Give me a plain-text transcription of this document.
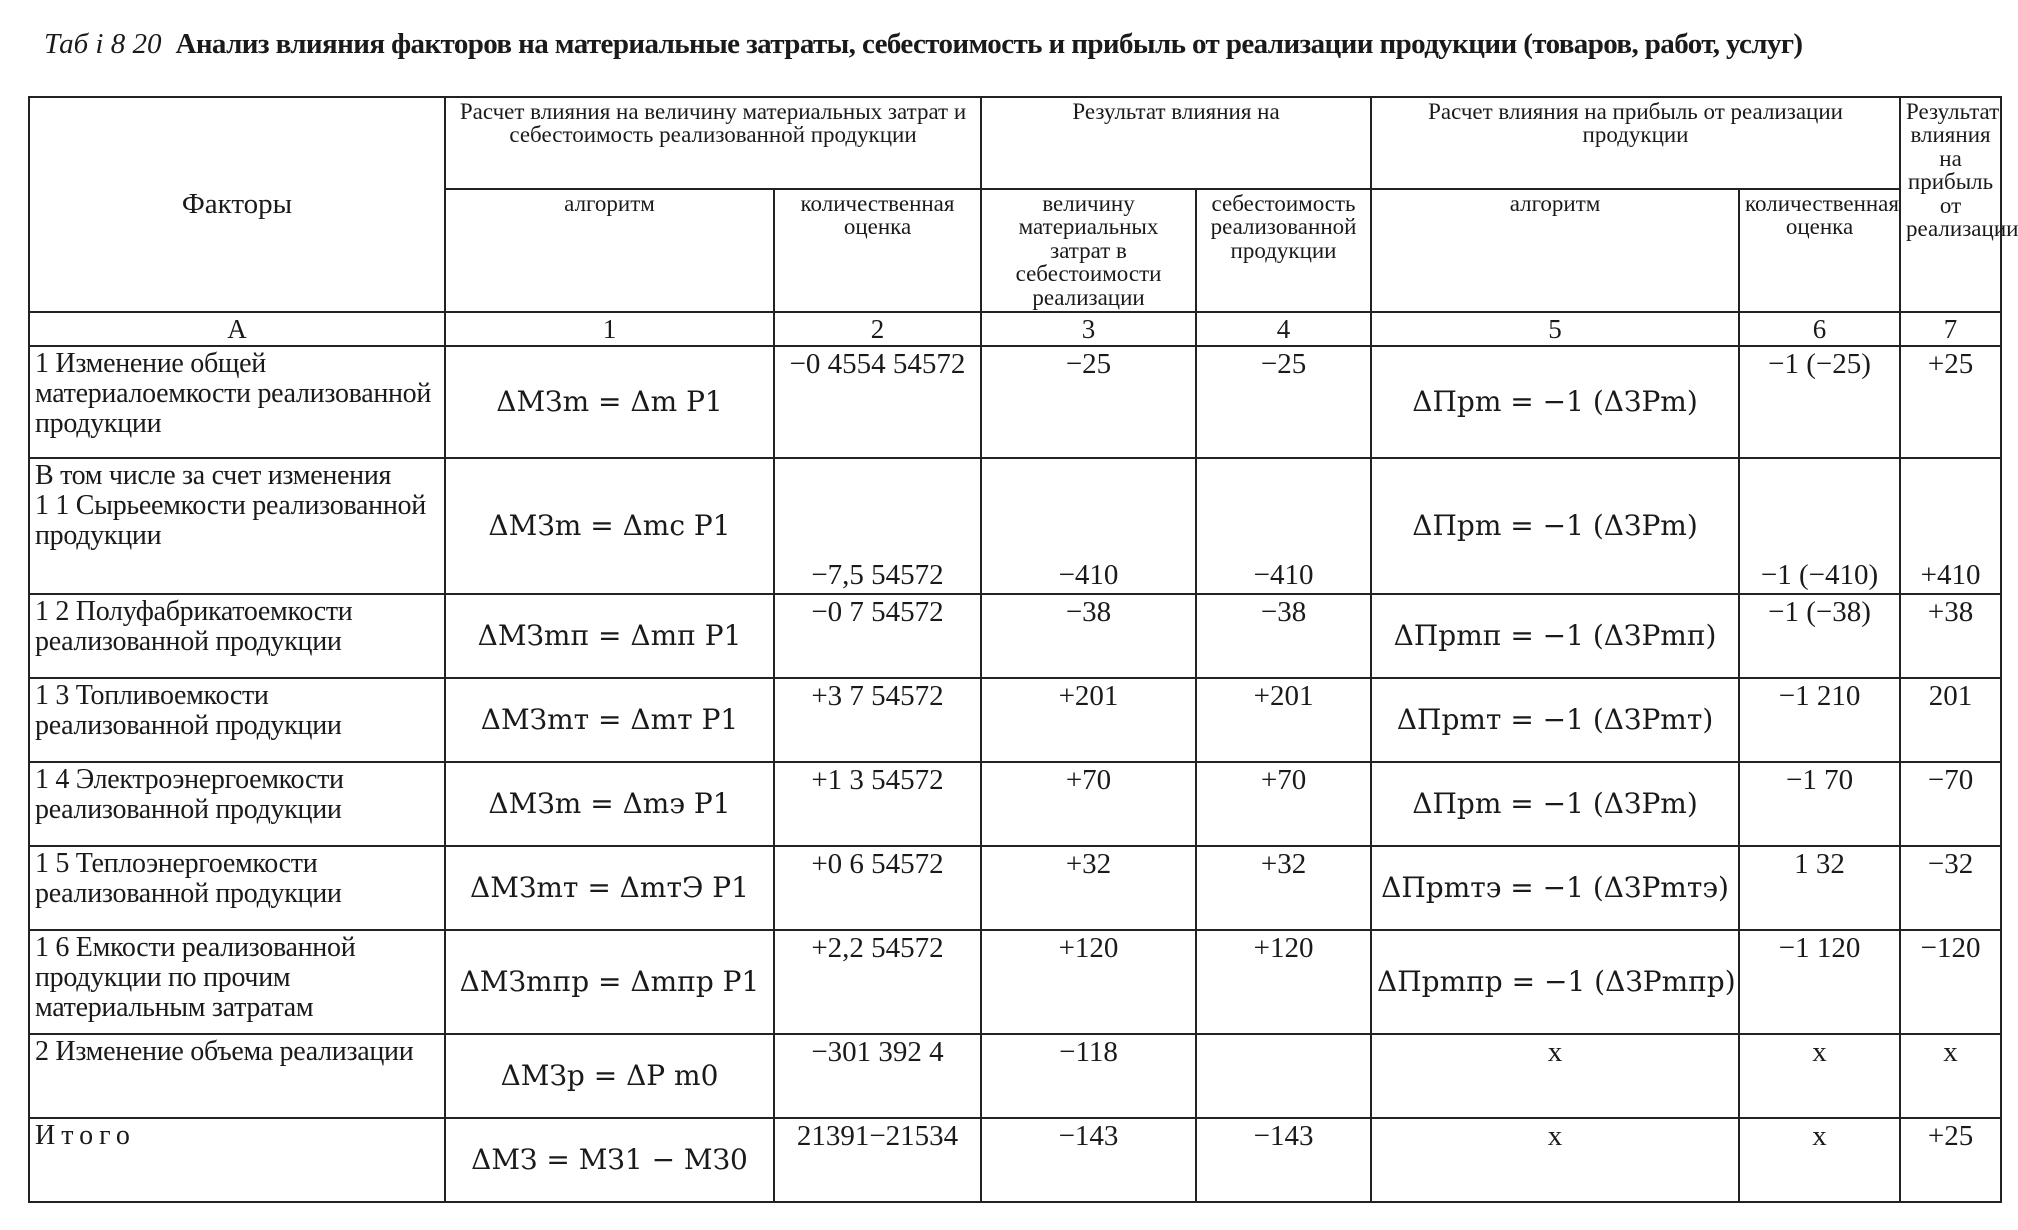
Таб і 8 20 Анализ влияния факторов на материальные затраты, себестоимость и прибыль от реализации продукции (товаров, работ, услуг)
Факторы	Расчет влияния на величину материальных затрат и себестоимость реализованной продукции		Результат влияния на		Расчет влияния на прибыль от реализации продукции		Результат влияния на прибыль от реализации
	алгоритм	количественная оценка	величину материальных затрат в себестоимости реализации	себестоимость реализованной продукции	алгоритм	количественная оценка	
А	1	2	3	4	5	6	7
1 Изменение общей материалоемкости реализованной продукции	ΔМЗm = Δm P1	−0 4554 54572	−25	−25	ΔПpm = −1 (ΔЗРm)	−1 (−25)	+25
В том числе за счет изменения
1 1 Сырьеемкости реализованной продукции	ΔМЗm = Δmс P1	−7,5 54572	−410	−410	ΔПpm = −1 (ΔЗРm)	−1 (−410)	+410
1 2 Полуфабрикатоемкости реализованной продукции	ΔМЗmп = Δmп P1	−0 7 54572	−38	−38	ΔПpmп = −1 (ΔЗРmп)	−1 (−38)	+38
1 3 Топливоемкости реализованной продукции	ΔМЗmт = Δmт P1	+3 7 54572	+201	+201	ΔПpmт = −1 (ΔЗРmт)	−1 210	201
1 4 Электроэнергоемкости реализованной продукции	ΔМЗm = Δmэ P1	+1 3 54572	+70	+70	ΔПpm = −1 (ΔЗРm)	−1 70	−70
1 5 Теплоэнергоемкости реализованной продукции	ΔМЗmт = ΔmтЭ P1	+0 6 54572	+32	+32	ΔПpmтэ = −1 (ΔЗРmтэ)	1 32	−32
1 6 Емкости реализованной продукции по прочим материальным затратам	ΔМЗmпр = Δmпр P1	+2,2 54572	+120	+120	ΔПpmпр = −1 (ΔЗРmпр)	−1 120	−120
2 Изменение объема реализации	ΔМЗр = ΔР m0	−301 392 4	−118		x	x	x
Итого	ΔМЗ = МЗ1 − МЗ0	21391−21534	−143	−143	x	x	+25
